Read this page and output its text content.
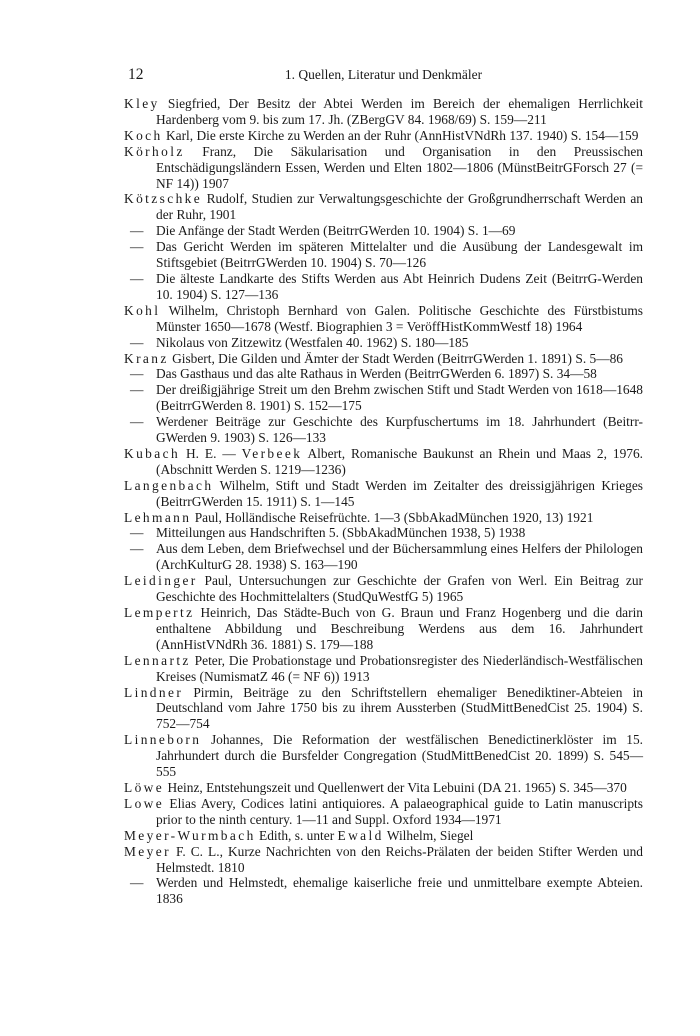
12	1. Quellen, Literatur und Denkmäler

Kley Siegfried, Der Besitz der Abtei Werden im Bereich der ehemaligen Herrlichkeit Hardenberg vom 9. bis zum 17. Jh. (ZBergGV 84. 1968/69) S. 159—211

Koch Karl, Die erste Kirche zu Werden an der Ruhr (AnnHistVNdRh 137. 1940) S. 154—159

Körholz Franz, Die Säkularisation und Organisation in den Preussischen Entschädigungsländern Essen, Werden und Elten 1802—1806 (MünstBeitrGForsch 27 (= NF 14)) 1907

Kötzschke Rudolf, Studien zur Verwaltungsgeschichte der Großgrundherrschaft Werden an der Ruhr, 1901

— Die Anfänge der Stadt Werden (BeitrrGWerden 10. 1904) S. 1—69

— Das Gericht Werden im späteren Mittelalter und die Ausübung der Landesgewalt im Stiftsgebiet (BeitrrGWerden 10. 1904) S. 70—126

— Die älteste Landkarte des Stifts Werden aus Abt Heinrich Dudens Zeit (BeitrrG-Werden 10. 1904) S. 127—136

Kohl Wilhelm, Christoph Bernhard von Galen. Politische Geschichte des Fürstbistums Münster 1650—1678 (Westf. Biographien 3 = VeröffHistKommWestf 18) 1964

— Nikolaus von Zitzewitz (Westfalen 40. 1962) S. 180—185

Kranz Gisbert, Die Gilden und Ämter der Stadt Werden (BeitrrGWerden 1. 1891) S. 5—86

— Das Gasthaus und das alte Rathaus in Werden (BeitrrGWerden 6. 1897) S. 34—58

— Der dreißigjährige Streit um den Brehm zwischen Stift und Stadt Werden von 1618—1648 (BeitrrGWerden 8. 1901) S. 152—175

— Werdener Beiträge zur Geschichte des Kurpfuschertums im 18. Jahrhundert (Beitrr-GWerden 9. 1903) S. 126—133

Kubach H. E. — Verbeek Albert, Romanische Baukunst an Rhein und Maas 2, 1976. (Abschnitt Werden S. 1219—1236)

Langenbach Wilhelm, Stift und Stadt Werden im Zeitalter des dreissigjährigen Krieges (BeitrrGWerden 15. 1911) S. 1—145

Lehmann Paul, Holländische Reisefrüchte. 1—3 (SbbAkadMünchen 1920, 13) 1921

— Mitteilungen aus Handschriften 5. (SbbAkadMünchen 1938, 5) 1938

— Aus dem Leben, dem Briefwechsel und der Büchersammlung eines Helfers der Philologen (ArchKulturG 28. 1938) S. 163—190

Leidinger Paul, Untersuchungen zur Geschichte der Grafen von Werl. Ein Beitrag zur Geschichte des Hochmittelalters (StudQuWestfG 5) 1965

Lempertz Heinrich, Das Städte-Buch von G. Braun und Franz Hogenberg und die darin enthaltene Abbildung und Beschreibung Werdens aus dem 16. Jahrhundert (AnnHistVNdRh 36. 1881) S. 179—188

Lennartz Peter, Die Probationstage und Probationsregister des Niederländisch-Westfälischen Kreises (NumismatZ 46 (= NF 6)) 1913

Lindner Pirmin, Beiträge zu den Schriftstellern ehemaliger Benediktiner-Abteien in Deutschland vom Jahre 1750 bis zu ihrem Aussterben (StudMittBenedCist 25. 1904) S. 752—754

Linneborn Johannes, Die Reformation der westfälischen Benedictinerklöster im 15. Jahrhundert durch die Bursfelder Congregation (StudMittBenedCist 20. 1899) S. 545—555

Löwe Heinz, Entstehungszeit und Quellenwert der Vita Lebuini (DA 21. 1965) S. 345—370

Lowe Elias Avery, Codices latini antiquiores. A palaeographical guide to Latin manuscripts prior to the ninth century. 1—11 and Suppl. Oxford 1934—1971

Meyer-Wurmbach Edith, s. unter Ewald Wilhelm, Siegel

Meyer F. C. L., Kurze Nachrichten von den Reichs-Prälaten der beiden Stifter Werden und Helmstedt. 1810

— Werden und Helmstedt, ehemalige kaiserliche freie und unmittelbare exempte Abteien. 1836
